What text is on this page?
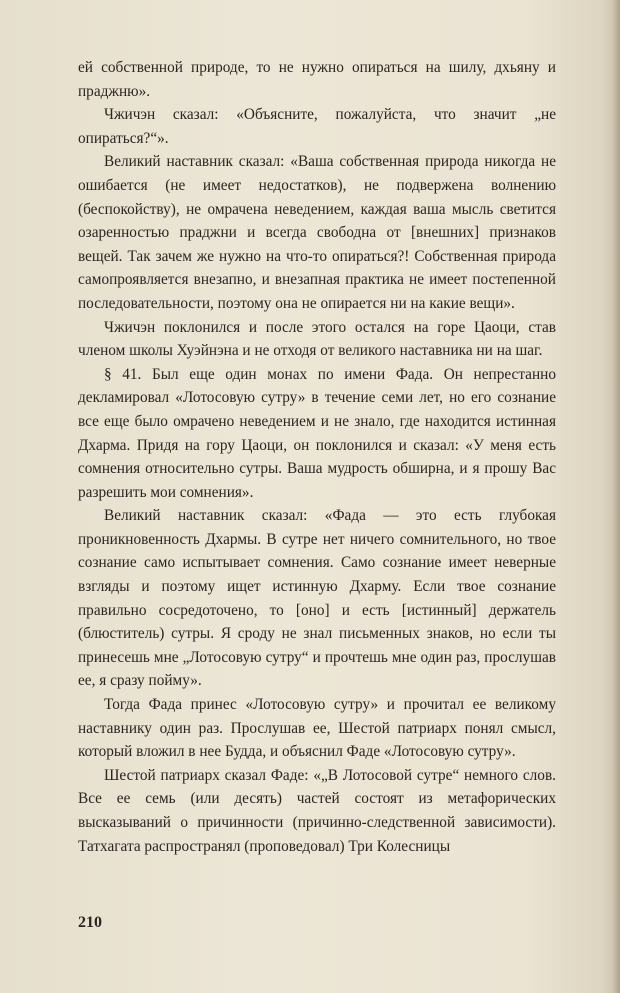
ей собственной природе, то не нужно опираться на шилу, дхьяну и праджню».

Чжичэн сказал: «Объясните, пожалуйста, что значит „не опираться?“».

Великий наставник сказал: «Ваша собственная природа никогда не ошибается (не имеет недостатков), не подвержена волнению (беспокойству), не омрачена неведением, каждая ваша мысль светится озаренностью праджни и всегда свободна от [внешних] признаков вещей. Так зачем же нужно на что-то опираться?! Собственная природа самопроявляется внезапно, и внезапная практика не имеет постепенной последовательности, поэтому она не опирается ни на какие вещи».

Чжичэн поклонился и после этого остался на горе Цаоци, став членом школы Хуэйнэна и не отходя от великого наставника ни на шаг.

§ 41. Был еще один монах по имени Фада. Он непрестанно декламировал «Лотосовую сутру» в течение семи лет, но его сознание все еще было омрачено неведением и не знало, где находится истинная Дхарма. Придя на гору Цаоци, он поклонился и сказал: «У меня есть сомнения относительно сутры. Ваша мудрость обширна, и я прошу Вас разрешить мои сомнения».

Великий наставник сказал: «Фада — это есть глубокая проникновенность Дхармы. В сутре нет ничего сомнительного, но твое сознание само испытывает сомнения. Само сознание имеет неверные взгляды и поэтому ищет истинную Дхарму. Если твое сознание правильно сосредоточено, то [оно] и есть [истинный] держатель (блюститель) сутры. Я сроду не знал письменных знаков, но если ты принесешь мне „Лотосовую сутру“ и прочтешь мне один раз, прослушав ее, я сразу пойму».

Тогда Фада принес «Лотосовую сутру» и прочитал ее великому наставнику один раз. Прослушав ее, Шестой патриарх понял смысл, который вложил в нее Будда, и объяснил Фаде «Лотосовую сутру».

Шестой патриарх сказал Фаде: «„В Лотосовой сутре“ немного слов. Все ее семь (или десять) частей состоят из метафорических высказываний о причинности (причинно-следственной зависимости). Татхагата распространял (проповедовал) Три Колесницы

210
